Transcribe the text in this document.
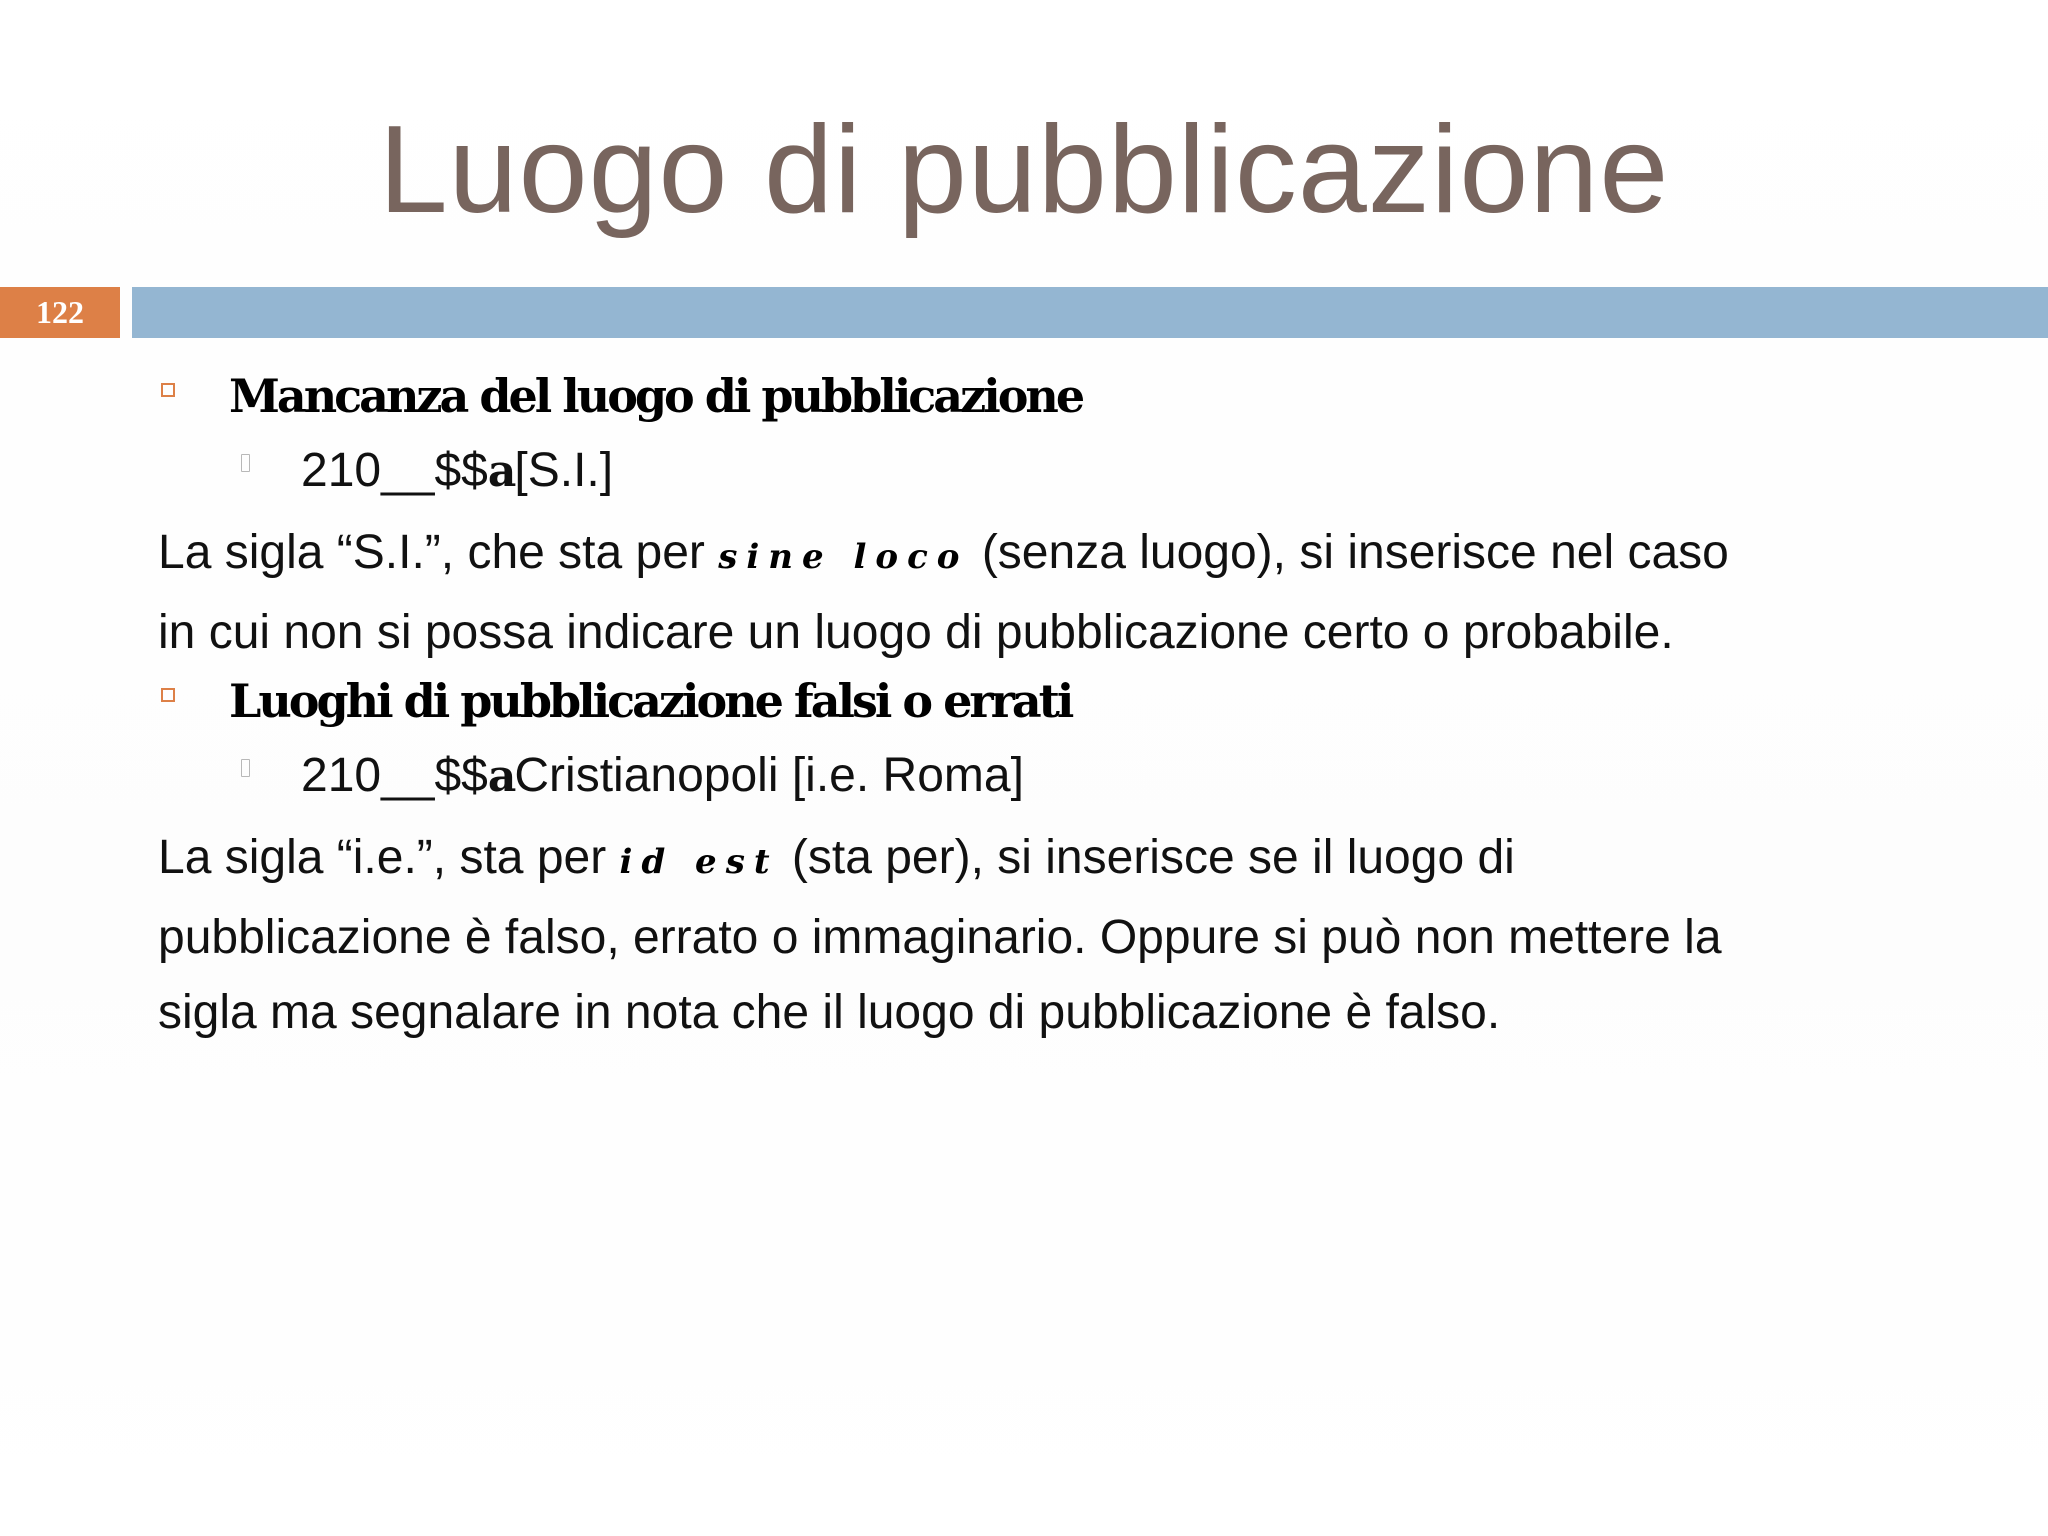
Luogo di pubblicazione
122
Mancanza del luogo di pubblicazione
210__$$a[S.I.]

La sigla “S.I.”, che sta per sine loco (senza luogo), si inserisce nel caso in cui non si possa indicare un luogo di pubblicazione certo o probabile.

Luoghi di pubblicazione falsi o errati
210__$$aCristianopoli [i.e. Roma]

La sigla “i.e.”, sta per id est (sta per), si inserisce se il luogo di pubblicazione è falso, errato o immaginario. Oppure si può non mettere la sigla ma segnalare in nota che il luogo di pubblicazione è falso.
